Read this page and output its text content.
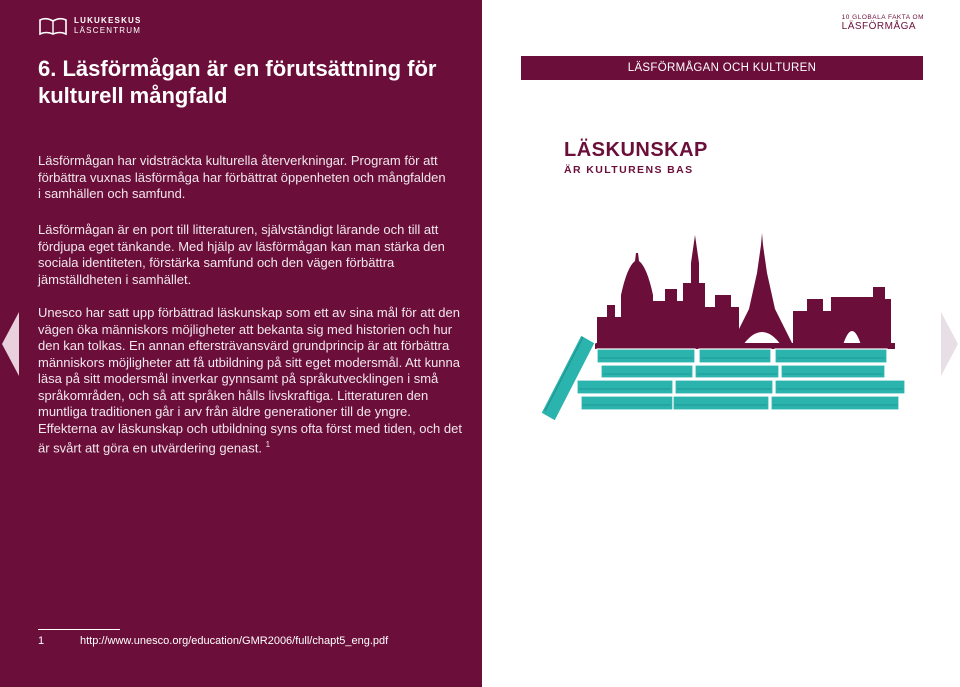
LUKUKESKUS
LÄSCENTRUM
6. Läsförmågan är en förutsättning för kulturell mångfald

Läsförmågan har vidsträckta kulturella återverkningar. Program för att förbättra vuxnas läsförmåga har förbättrat öppenheten och mångfalden i samhällen och samfund.

Läsförmågan är en port till litteraturen, självständigt lärande och till att fördjupa eget tänkande. Med hjälp av läsförmågan kan man stärka den sociala identiteten, förstärka samfund och den vägen förbättra jämställdheten i samhället.

Unesco har satt upp förbättrad läskunskap som ett av sina mål för att den vägen öka människors möjligheter att bekanta sig med historien och hur den kan tolkas. En annan eftersträvansvärd grundprincip är att förbättra människors möjligheter att få utbildning på sitt eget modersmål. Att kunna läsa på sitt modersmål inverkar gynnsamt på språkutvecklingen i små språkområden, och så att språken hålls livskraftiga. Litteraturen den muntliga traditionen går i arv från äldre generationer till de yngre. Effekterna av läskunskap och utbildning syns ofta först med tiden, och det är svårt att göra en utvärdering genast. $^1$

1	http://www.unesco.org/education/GMR2006/full/chapt5_eng.pdf
10 GLOBALA FAKTA OM
LÄSFÖRMÅGA
LÄSFÖRMÅGAN OCH KULTUREN
LÄSKUNSKAP
ÄR KULTURENS BAS
